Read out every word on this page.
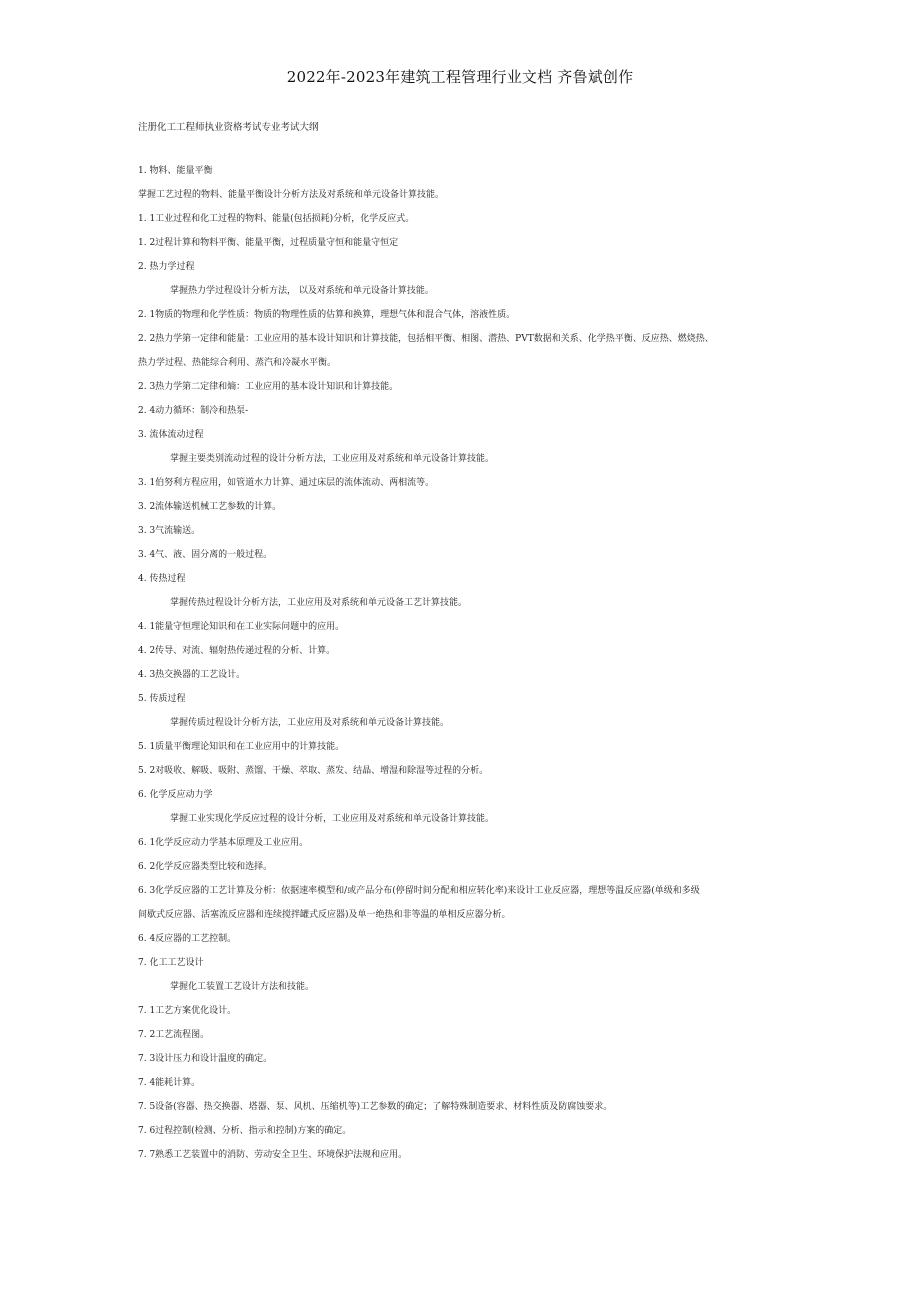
2022年-2023年建筑工程管理行业文档 齐鲁斌创作
注册化工工程师执业资格考试专业考试大纲
1. 物料、能量平衡
掌握工艺过程的物料、能量平衡设计分析方法及对系统和单元设备计算技能。
1. 1工业过程和化工过程的物料、能量(包括损耗)分析，化学反应式。
1. 2过程计算和物料平衡、能量平衡，过程质量守恒和能量守恒定
2. 热力学过程
掌握热力学过程设计分析方法， 以及对系统和单元设备计算技能。
2. 1物质的物理和化学性质：物质的物理性质的估算和换算，理想气体和混合气体，溶液性质。
2. 2热力学第一定律和能量：工业应用的基本设计知识和计算技能，包括相平衡、相图、潜热、PVT数据和关系、化学热平衡、反应热、燃烧热、
热力学过程、热能综合利用、蒸汽和冷凝水平衡。
2. 3热力学第二定律和熵：工业应用的基本设计知识和计算技能。
2. 4动力循环：制冷和热泵-
3. 流体流动过程
掌握主要类别流动过程的设计分析方法，工业应用及对系统和单元设备计算技能。
3. 1伯努利方程应用，如管道水力计算、通过床层的流体流动、两相流等。
3. 2流体输送机械工艺参数的计算。
3. 3气流输送。
3. 4气、液、固分离的一般过程。
4. 传热过程
掌握传热过程设计分析方法，工业应用及对系统和单元设备工艺计算技能。
4. 1能量守恒理论知识和在工业实际问题中的应用。
4. 2传导、对流、辐射热传递过程的分析、计算。
4. 3热交换器的工艺设计。
5. 传质过程
掌握传质过程设计分析方法，工业应用及对系统和单元设备计算技能。
5. 1质量平衡理论知识和在工业应用中的计算技能。
5. 2对吸收、解吸、吸附、蒸馏、干燥、萃取、蒸发、结晶、增湿和除湿等过程的分析。
6. 化学反应动力学
掌握工业实现化学反应过程的设计分析，工业应用及对系统和单元设备计算技能。
6. 1化学反应动力学基本原理及工业应用。
6. 2化学反应器类型比较和选择。
6. 3化学反应器的工艺计算及分析：依据速率模型和/或产品分布(停留时间分配和相应转化率)来设计工业反应器，理想等温反应器(单级和多级
间歇式反应器、活塞流反应器和连续搅拌罐式反应器)及单一绝热和非等温的单相反应器分析。
6. 4反应器的工艺控制。
7. 化工工艺设计
掌握化工装置工艺设计方法和技能。
7. 1工艺方案优化设计。
7. 2工艺流程图。
7. 3设计压力和设计温度的确定。
7. 4能耗计算。
7. 5设备(容器、热交换器、塔器、泵、风机、压缩机等)工艺参数的确定；了解特殊制造要求、材料性质及防腐蚀要求。
7. 6过程控制(检测、分析、指示和控制)方案的确定。
7. 7熟悉工艺装置中的消防、劳动安全卫生、环境保护法规和应用。
